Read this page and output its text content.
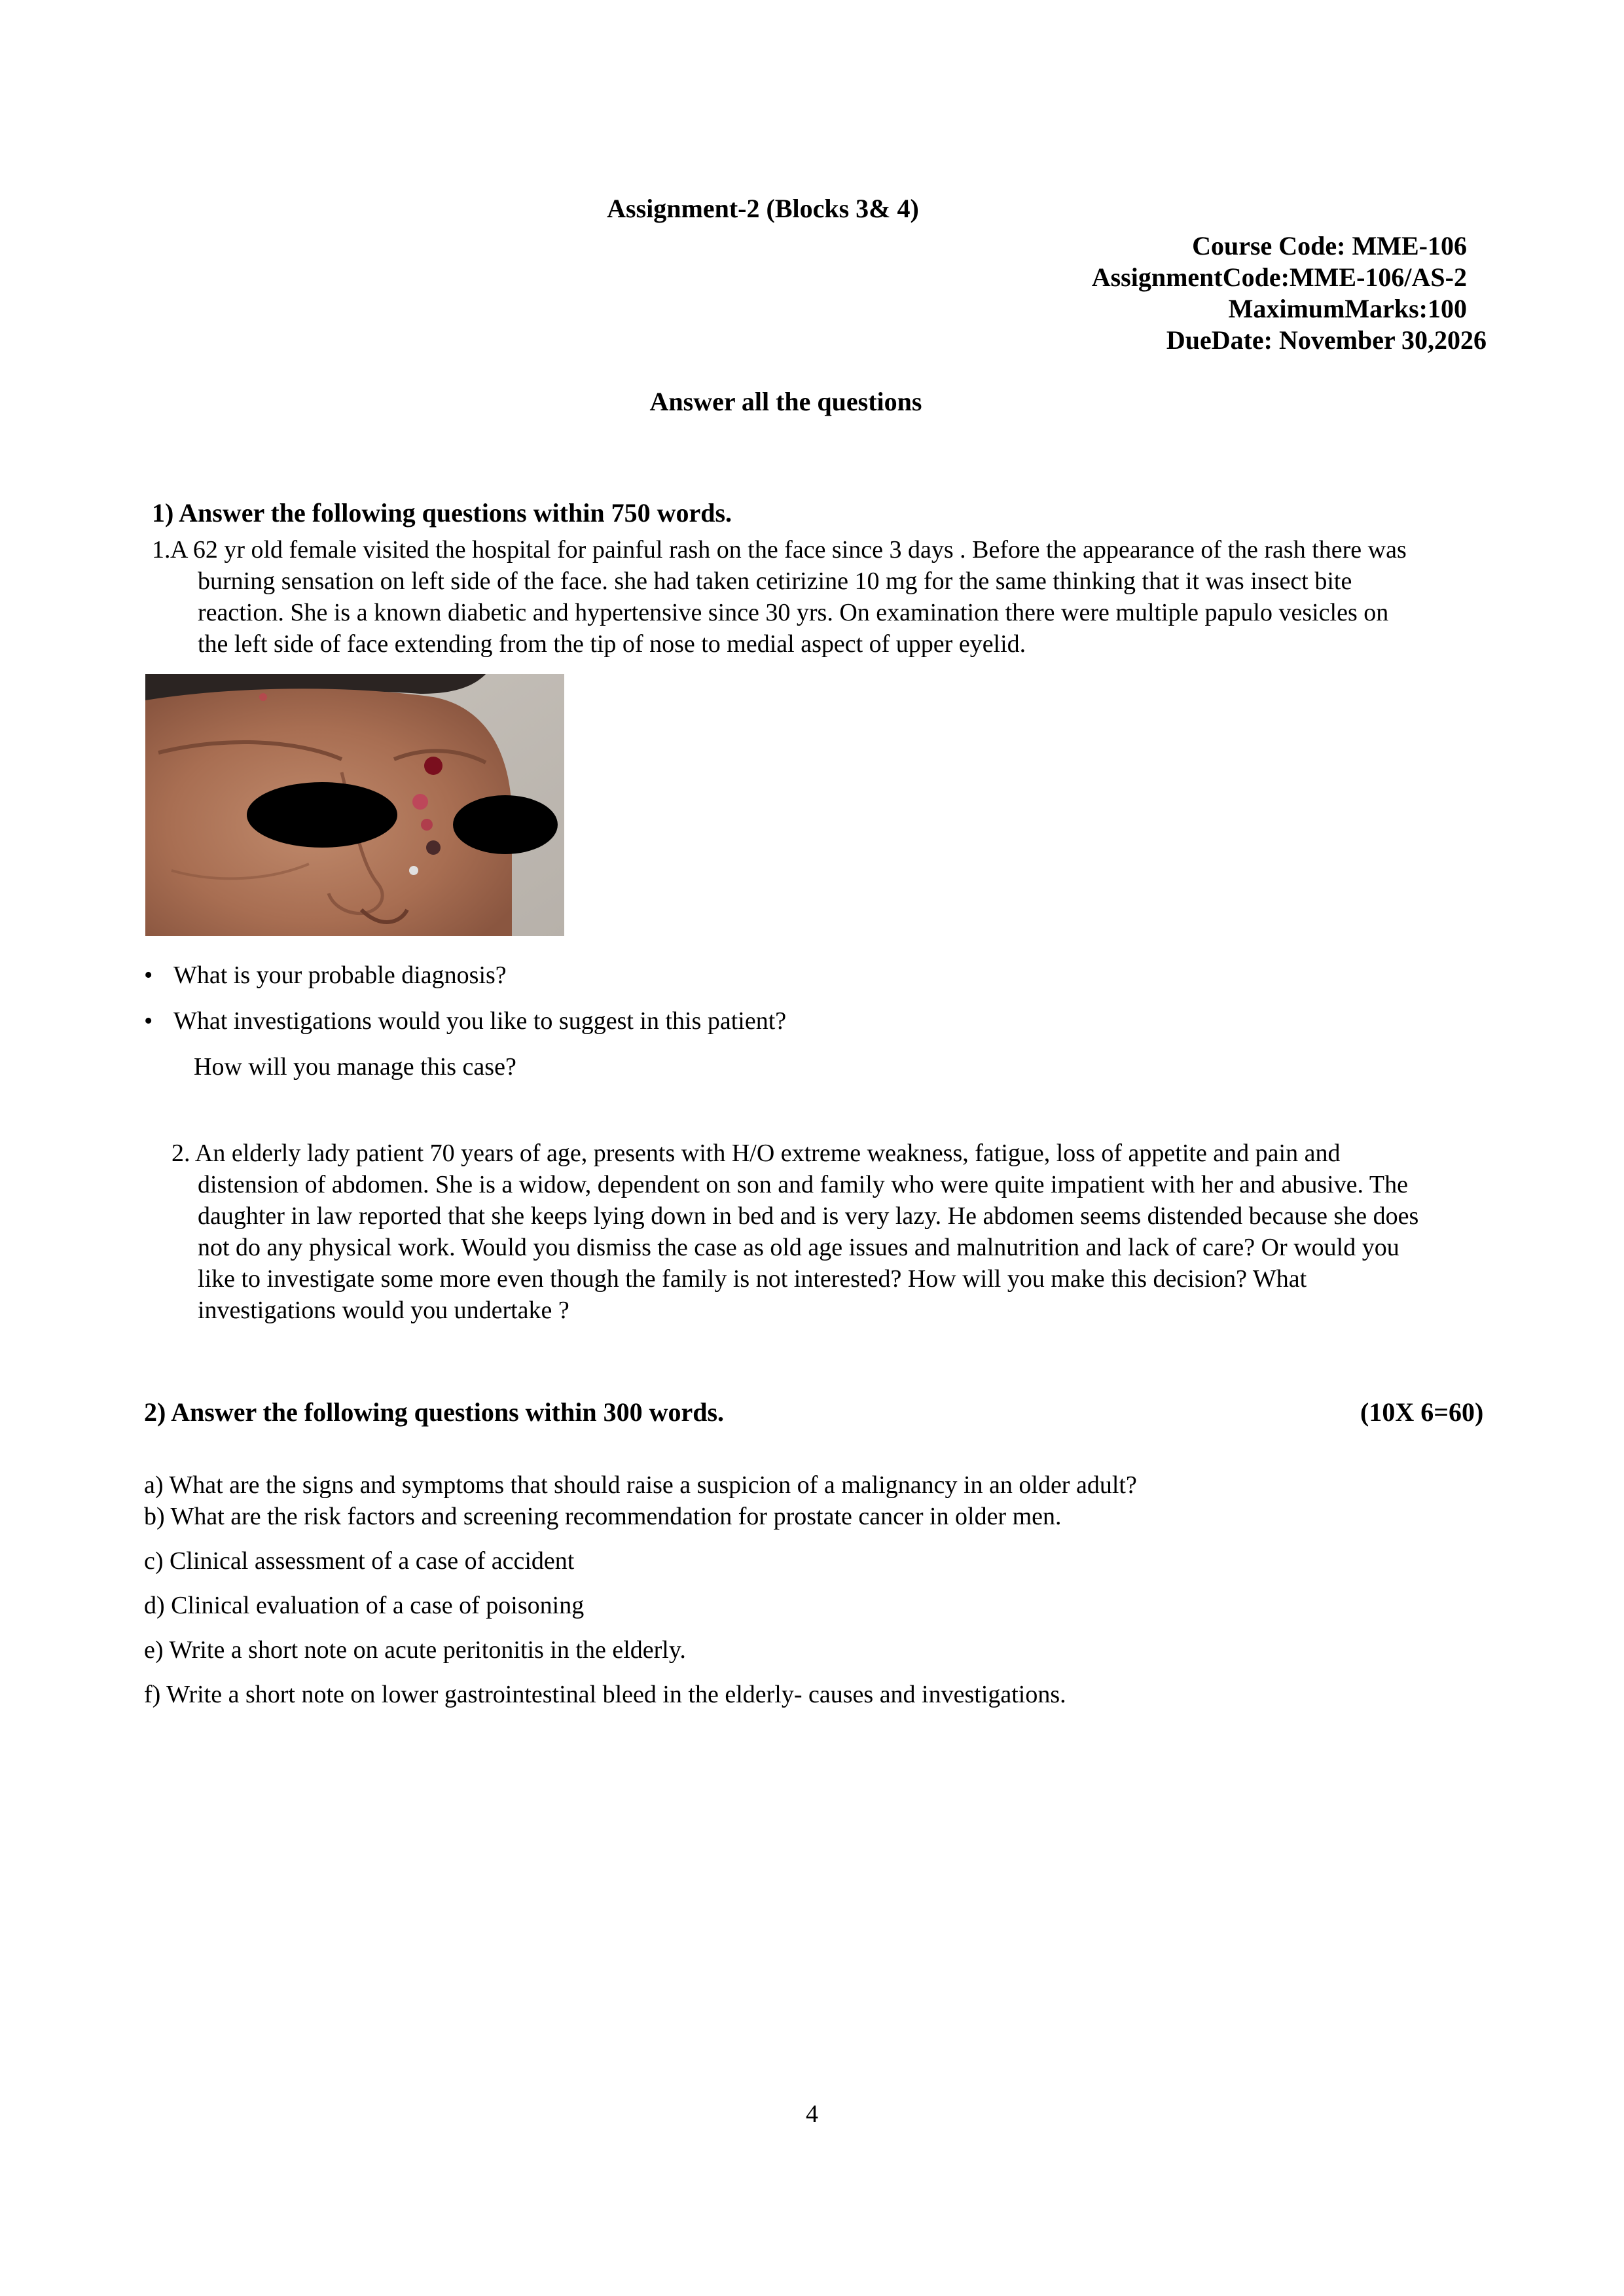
Assignment-2 (Blocks 3& 4)
Course Code: MME-106
AssignmentCode:MME-106/AS-2
MaximumMarks:100
DueDate: November 30,2026
Answer all the questions
1) Answer the following questions within 750 words.
1. A 62 yr old female visited the hospital for painful rash on the face since 3 days . Before the appearance of the rash there was
burning sensation on left side of the face. she had taken cetirizine 10 mg for the same thinking that it was insect bite
reaction. She is a known diabetic and hypertensive since 30 yrs. On examination there were multiple papulo vesicles on
the left side of face extending from the tip of nose to medial aspect of upper eyelid.
• What is your probable diagnosis?
• What investigations would you like to suggest in this patient?
How will you manage this case?
2. An elderly lady patient 70 years of age, presents with H/O extreme weakness, fatigue, loss of appetite and pain and
distension of abdomen. She is a widow, dependent on son and family who were quite impatient with her and abusive. The
daughter in law reported that she keeps lying down in bed and is very lazy. He abdomen seems distended because she does
not do any physical work. Would you dismiss the case as old age issues and malnutrition and lack of care? Or would you
like to investigate some more even though the family is not interested? How will you make this decision? What
investigations would you undertake ?
2) Answer the following questions within 300 words.	(10X 6=60)
a) What are the signs and symptoms that should raise a suspicion of a malignancy in an older adult?
b) What are the risk factors and screening recommendation for prostate cancer in older men.
c) Clinical assessment of a case of accident
d) Clinical evaluation of a case of poisoning
e) Write a short note on acute peritonitis in the elderly.
f) Write a short note on lower gastrointestinal bleed in the elderly- causes and investigations.
4
